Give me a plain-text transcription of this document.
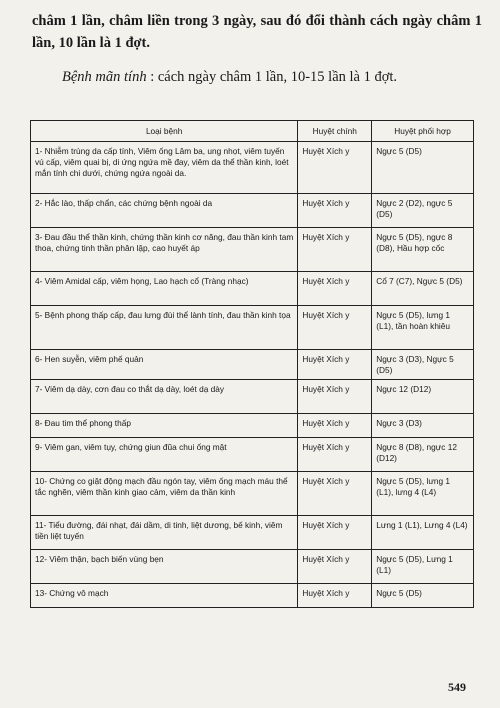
châm 1 lần, châm liền trong 3 ngày, sau đó đổi thành cách ngày châm 1 lần, 10 lần là 1 đợt.
Bệnh mãn tính : cách ngày châm 1 lần, 10-15 lần là 1 đợt.
Loại bệnh	Huyệt chính	Huyệt phối hợp
1- Nhiễm trùng da cấp tính, Viêm ống Lâm ba, ung nhọt, viêm tuyến vú cấp, viêm quai bị, di ứng ngứa mề đay, viêm da thể thần kinh, loét mắn tính chi dưới, chứng ngứa ngoài da.	Huyệt Xích y	Ngực 5 (D5)
2- Hắc lào, thấp chẩn, các chứng bệnh ngoài da	Huyệt Xích y	Ngực 2 (D2), ngực 5 (D5)
3- Đau đầu thể thần kinh, chứng thần kinh cơ năng, đau thần kinh tam thoa, chứng tinh thần phân lập, cao huyết áp	Huyệt Xích y	Ngực 5 (D5), ngực 8 (D8), Hầu hợp cốc
4- Viêm Amidal cấp, viêm họng, Lao hạch cổ (Tràng nhạc)	Huyệt Xích y	Cổ 7 (C7), Ngực 5 (D5)
5- Bệnh phong thấp cấp, đau lưng đùi thể lành tính, đau thần kinh tọa	Huyệt Xích y	Ngực 5 (D5), lưng 1 (L1), tần hoàn khiêu
6- Hen suyễn, viêm phế quản	Huyệt Xích y	Ngực 3 (D3), Ngực 5 (D5)
7- Viêm dạ dày, cơn đau co thắt dạ dày, loét dạ dày	Huyệt Xích y	Ngực 12 (D12)
8- Đau tim thể phong thấp	Huyệt Xích y	Ngực 3 (D3)
9- Viêm gan, viêm tụy, chứng giun đũa chui ống mật	Huyệt Xích y	Ngực 8 (D8), ngực 12 (D12)
10- Chứng co giật động mạch đầu ngón tay, viêm ống mạch máu thể tắc nghẽn, viêm thần kinh giao cảm, viêm da thần kinh	Huyệt Xích y	Ngực 5 (D5), lưng 1 (L1), lưng 4 (L4)
11- Tiểu đường, đái nhạt, đái dầm, di tinh, liệt dương, bế kinh, viêm tiền liệt tuyến	Huyệt Xích y	Lưng 1 (L1), Lưng 4 (L4)
12- Viêm thận, bạch biến vùng bẹn	Huyệt Xích y	Ngực 5 (D5), Lưng 1 (L1)
13- Chứng vô mạch	Huyệt Xích y	Ngực 5 (D5)
549
